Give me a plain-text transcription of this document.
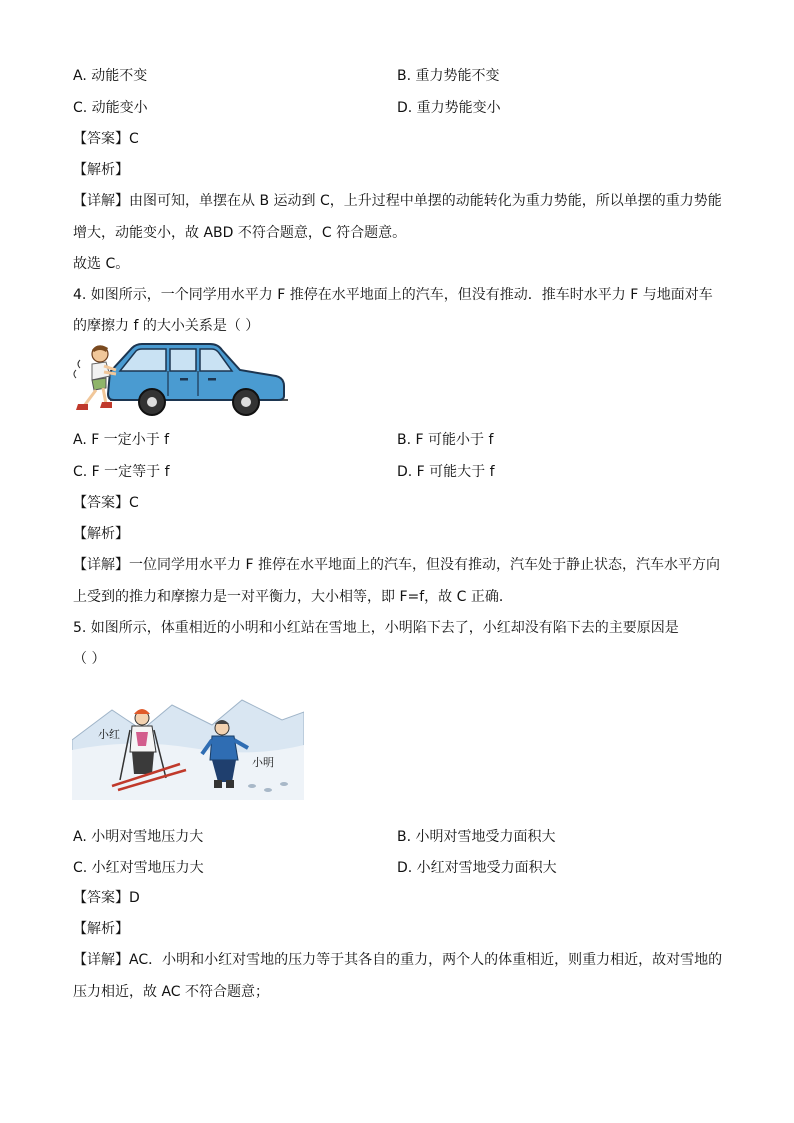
A. 动能不变	B. 重力势能不变
C. 动能变小	D. 重力势能变小
【答案】C
【解析】
【详解】由图可知，单摆在从 B 运动到 C，上升过程中单摆的动能转化为重力势能，所以单摆的重力势能
增大，动能变小，故 ABD 不符合题意，C 符合题意。
故选 C。
4. 如图所示，一个同学用水平力 F 推停在水平地面上的汽车，但没有推动．推车时水平力 F 与地面对车
的摩擦力 f 的大小关系是（ ）
A. F 一定小于 f	B. F 可能小于 f
C. F 一定等于 f	D. F 可能大于 f
【答案】C
【解析】
【详解】一位同学用水平力 F 推停在水平地面上的汽车，但没有推动，汽车处于静止状态，汽车水平方向
上受到的推力和摩擦力是一对平衡力，大小相等，即 F=f，故 C 正确．
5. 如图所示，体重相近的小明和小红站在雪地上，小明陷下去了，小红却没有陷下去的主要原因是
（ ）
小红
小明
A. 小明对雪地压力大	B. 小明对雪地受力面积大
C. 小红对雪地压力大	D. 小红对雪地受力面积大
【答案】D
【解析】
【详解】AC．小明和小红对雪地的压力等于其各自的重力，两个人的体重相近，则重力相近，故对雪地的
压力相近，故 AC 不符合题意；
